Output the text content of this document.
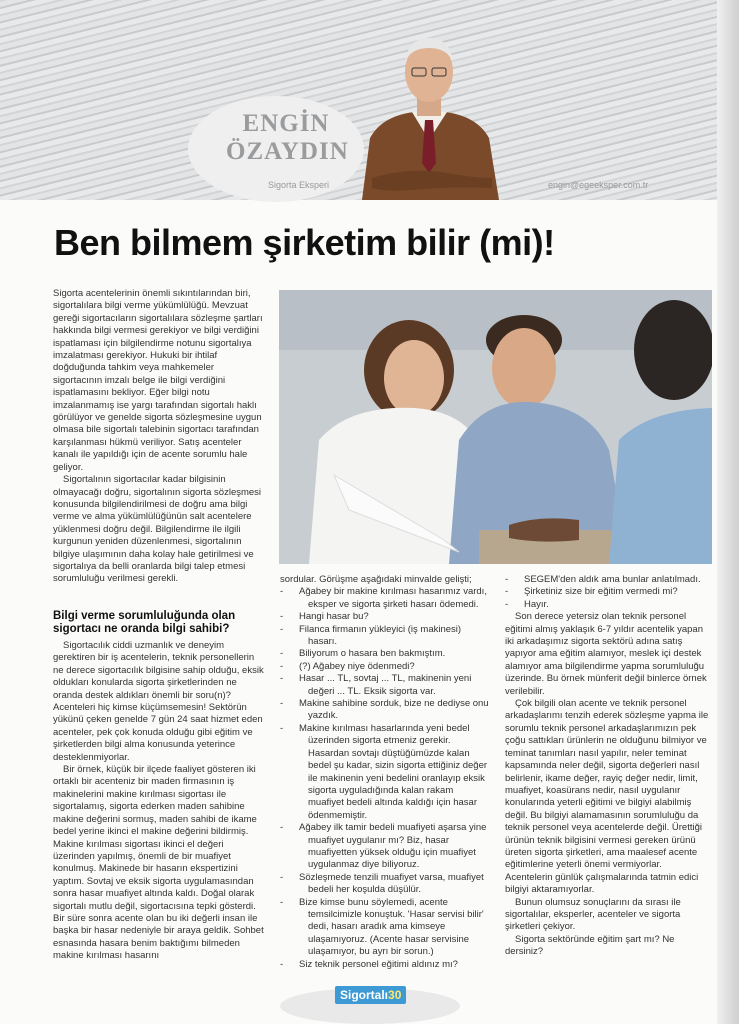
ENGİN
ÖZAYDIN
Sigorta Eksperi	engin@egeeksper.com.tr
Ben bilmem şirketim bilir (mi)!

Sigorta acentelerinin önemli sıkıntılarından biri, sigortalılara bilgi verme yükümlülüğü. Mevzuat gereği sigortacıların sigortalılara sözleşme şartları hakkında bilgi vermesi gerekiyor ve bilgi verdiğini ispatlaması için bilgilendirme notunu sigortalıya imzalatması gerekiyor. Hukuki bir ihtilaf doğduğunda tahkim veya mahkemeler sigortacının imzalı belge ile bilgi verdiğini ispatlamasını bekliyor. Eğer bilgi notu imzalanmamış ise yargı tarafından sigortalı haklı görülüyor ve genelde sigorta sözleşmesine uygun olmasa bile sigortalı talebinin sigortacı tarafından karşılanması hükmü veriliyor. Satış acenteler kanalı ile yapıldığı için de acente sorumlu hale geliyor.

Sigortalının sigortacılar kadar bilgisinin olmayacağı doğru, sigortalının sigorta sözleşmesi konusunda bilgilendirilmesi de doğru ama bilgi verme ve alma yükümlülüğünün salt acentelere yüklenmesi doğru değil. Bilgilendirme ile ilgili kurgunun yeniden düzenlenmesi, sigortalının bilgiye ulaşımının daha kolay hale getirilmesi ve sigortalıya da belli oranlarda bilgi talep etmesi sorumluluğu verilmesi gerekli.

Bilgi verme sorumluluğunda olan sigortacı ne oranda bilgi sahibi?

Sigortacılık ciddi uzmanlık ve deneyim gerektiren bir iş acentelerin, teknik personellerin ne derece sigortacılık bilgisine sahip olduğu, eksik oldukları konularda sigorta şirketlerinden ne oranda destek aldıkları önemli bir soru(n)? Acenteleri hiç kimse küçümsemesin! Sektörün yükünü çeken genelde 7 gün 24 saat hizmet eden acenteler, pek çok konuda olduğu gibi eğitim ve şirketlerden bilgi alma konusunda yeterince desteklenmiyorlar.

Bir örnek, küçük bir ilçede faaliyet gösteren iki ortaklı bir acenteniz bir maden firmasının iş makinelerini makine kırılması sigortası ile sigortalamış, sigorta ederken maden sahibine makine değerini sormuş, maden sahibi de ikame bedel yerine ikinci el makine değerini bildirmiş. Makine kırılması sigortası ikinci el değeri üzerinden yapılmış, önemli de bir muafiyet konulmuş. Makinede bir hasarın ekspertizini yaptım. Sovtaj ve eksik sigorta uygulamasından sonra hasar muafiyet altında kaldı. Doğal olarak sigortalı mutlu değil, sigortacısına tepki gösterdi. Bir süre sonra acente olan bu iki değerli insan ile başka bir hasar nedeniyle bir araya geldik. Sohbet esnasında hasara benim baktığımı bilmeden makine kırılması hasarını

sordular. Görüşme aşağıdaki minvalde gelişti;

-      Ağabey bir makine kırılması hasarımız vardı, eksper ve sigorta şirketi hasarı ödemedi.

-      Hangi hasar bu?

-      Filanca firmanın yükleyici (iş makinesi) hasarı.

-      Biliyorum o hasara ben bakmıştım.

-      (?) Ağabey niye ödenmedi?

-      Hasar ... TL, sovtaj ... TL, makinenin yeni değeri ... TL. Eksik sigorta var.

-      Makine sahibine sorduk, bize ne dediyse onu yazdık.

-      Makine kırılması hasarlarında yeni bedel üzerinden sigorta etmeniz gerekir. Hasardan sovtajı düştüğümüzde kalan bedel şu kadar, sizin sigorta ettiğiniz değer ile makinenin yeni bedelini oranlayıp eksik sigorta uyguladığında kalan rakam muafiyet bedeli altında kaldığı için hasar ödenmemiştir.

-      Ağabey ilk tamir bedeli muafiyeti aşarsa yine muafiyet uygulanır mı? Biz, hasar muafiyetten yüksek olduğu için muafiyet uygulanmaz diye biliyoruz.

-      Sözleşmede tenzili muafiyet varsa, muafiyet bedeli her koşulda düşülür.

-      Bize kimse bunu söylemedi, acente temsilcimizle konuştuk. 'Hasar servisi bilir' dedi, hasarı aradık ama kimseye ulaşamıyoruz. (Acente hasar servisine ulaşamıyor, bu ayrı bir sorun.)

-      Siz teknik personel eğitimi aldınız mı?

-      SEGEM'den aldık ama bunlar anlatılmadı.

-      Şirketiniz size bir eğitim vermedi mi?

-      Hayır.

Son derece yetersiz olan teknik personel eğitimi almış yaklaşık 6-7 yıldır acentelik yapan iki arkadaşımız sigorta sektörü adına satış yapıyor ama eğitim alamıyor, meslek içi destek alamıyor ama bilgilendirme yapma sorumluluğu üzerinde. Bu örnek münferit değil binlerce örnek verilebilir.

Çok bilgili olan acente ve teknik personel arkadaşlarımı tenzih ederek sözleşme yapma ile sorumlu teknik personel arkadaşlarımızın pek çoğu sattıkları ürünlerin ne olduğunu bilmiyor ve teminat tanımları nasıl yapılır, neler teminat kapsamında neler değil, sigorta değerleri nasıl belirlenir, ikame değer, rayiç değer nedir, limit, muafiyet, koasürans nedir, nasıl uygulanır konularında yeterli eğitimi ve bilgiyi alabilmiş değil. Bu bilgiyi alamamasının sorumluluğu da teknik personel veya acentelerde değil. Ürettiği ürünün teknik bilgisini vermesi gereken ürünü üreten sigorta şirketleri, ama maalesef acente eğitimlerine yeterli önemi vermiyorlar. Acentelerin günlük çalışmalarında tatmin edici bilgiyi aktaramıyorlar.

Bunun olumsuz sonuçlarını da sırası ile sigortalılar, eksperler, acenteler ve sigorta şirketleri çekiyor.

Sigorta sektöründe eğitim şart mı? Ne dersiniz?

Sigortalı30
